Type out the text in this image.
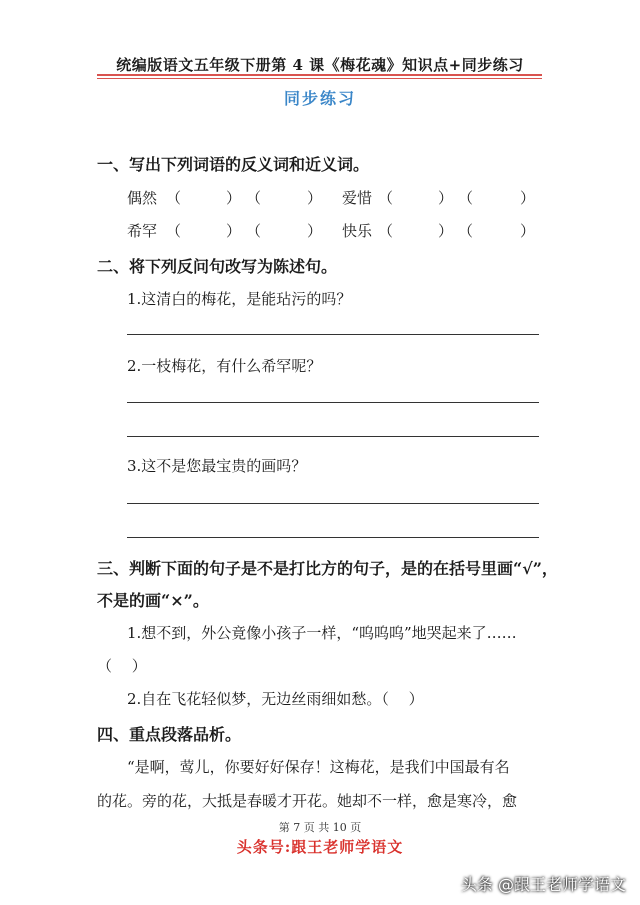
统编版语文五年级下册第 4 课《梅花魂》知识点+同步练习
同步练习
一、写出下列词语的反义词和近义词。
偶然 （	） （	） 爱惜 （	） （	）
希罕 （	） （	） 快乐 （	） （	）
二、将下列反问句改写为陈述句。
1.这清白的梅花，是能玷污的吗？
2.一枝梅花，有什么希罕呢？
3.这不是您最宝贵的画吗？
三、判断下面的句子是不是打比方的句子，是的在括号里画“√”，
不是的画“×”。
1.想不到，外公竟像小孩子一样，“呜呜呜”地哭起来了……
（　 ）
2.自在飞花轻似梦，无边丝雨细如愁。（　 ）
四、重点段落品析。
“是啊，莺儿，你要好好保存！这梅花，是我们中国最有名
的花。旁的花，大抵是春暖才开花。她却不一样，愈是寒冷，愈
第 7 页 共 10 页
头条号:跟王老师学语文
头条 @跟王老师学语文
